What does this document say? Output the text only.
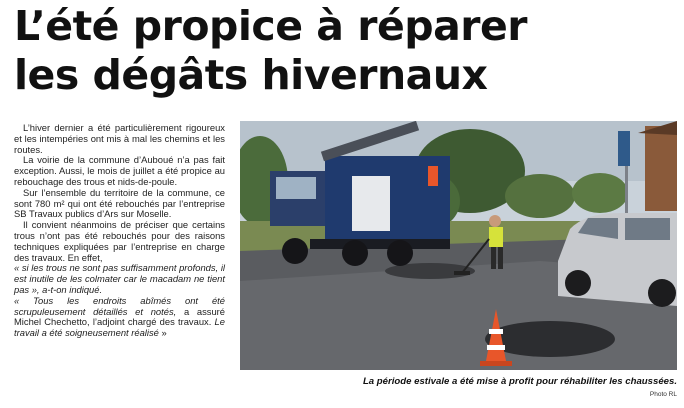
L’été propice à réparer
les dégâts hivernaux

L’hiver dernier a été particulièrement rigoureux et les intempéries ont mis à mal les chemins et les routes.

La voirie de la commune d’Auboué n’a pas fait exception. Aussi, le mois de juillet a été propice au rebouchage des trous et nids-de-poule.

Sur l’ensemble du territoire de la commune, ce sont 780 m² qui ont été rebouchés par l’entreprise SB Travaux publics d’Ars sur Moselle.

Il convient néanmoins de préciser que certains trous n’ont pas été rebouchés pour des raisons techniques expliquées par l’entreprise en charge des travaux. En effet,

« si les trous ne sont pas suffisamment profonds, il est inutile de les colmater car le macadam ne tient pas », a-t-on indiqué.

« Tous les endroits abîmés ont été scrupuleusement détaillés et notés, a assuré Michel Chechetto, l’adjoint chargé des travaux. Le travail a été soigneusement réalisé »

La période estivale a été mise à profit pour réhabiliter les chaussées.
Photo RL
